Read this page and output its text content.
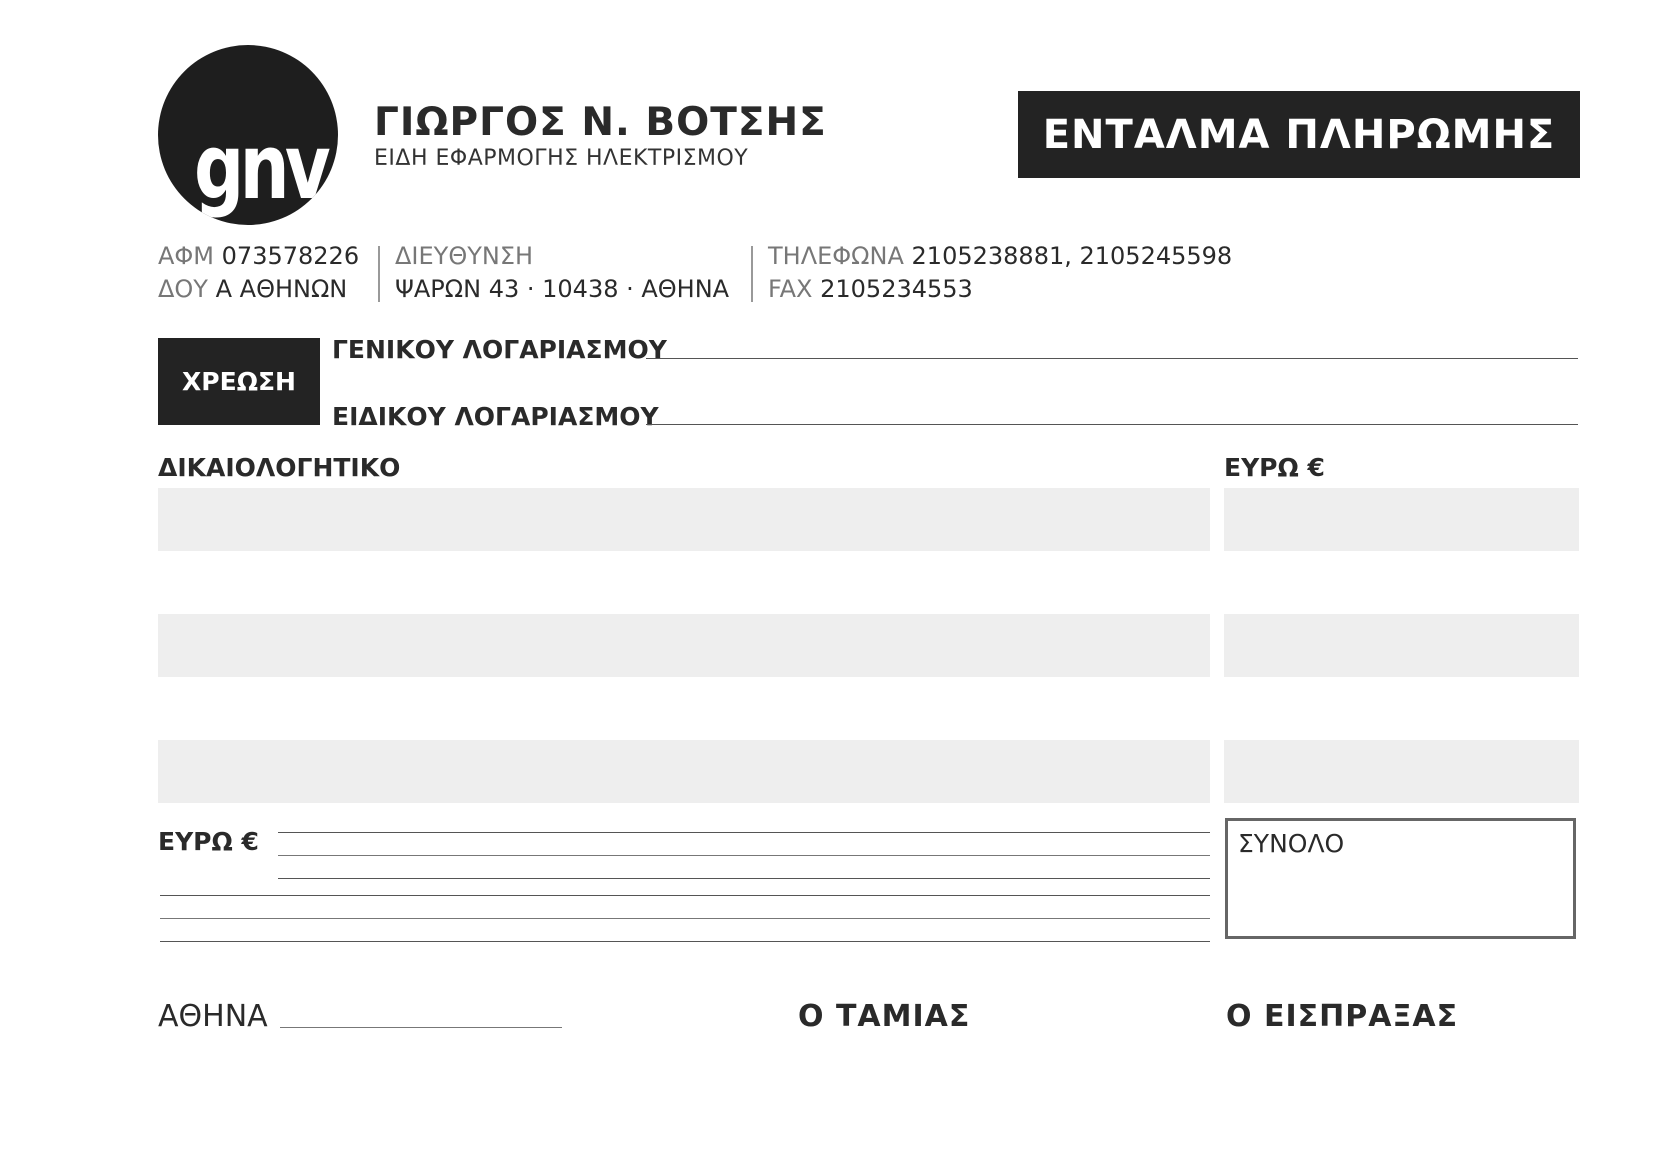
gnv ΓΙΩΡΓΟΣ Ν. ΒΟΤΣΗΣ
ΕΙΔΗ ΕΦΑΡΜΟΓΗΣ ΗΛΕΚΤΡΙΣΜΟΥ
ΕΝΤΑΛΜΑ ΠΛΗΡΩΜΗΣ
ΑΦΜ 073578226
ΔΟΥ Α ΑΘΗΝΩΝ
ΔΙΕΥΘΥΝΣΗ
ΨΑΡΩΝ 43 · 10438 · ΑΘΗΝΑ
ΤΗΛΕΦΩΝΑ 2105238881, 2105245598
FAX 2105234553
ΧΡΕΩΣΗ
ΓΕΝΙΚΟΥ ΛΟΓΑΡΙΑΣΜΟΥ
ΕΙΔΙΚΟΥ ΛΟΓΑΡΙΑΣΜΟΥ
ΔΙΚΑΙΟΛΟΓΗΤΙΚΟ	ΕΥΡΩ €
ΕΥΡΩ €	ΣΥΝΟΛΟ
ΑΘΗΝΑ	Ο ΤΑΜΙΑΣ	Ο ΕΙΣΠΡΑΞΑΣ
